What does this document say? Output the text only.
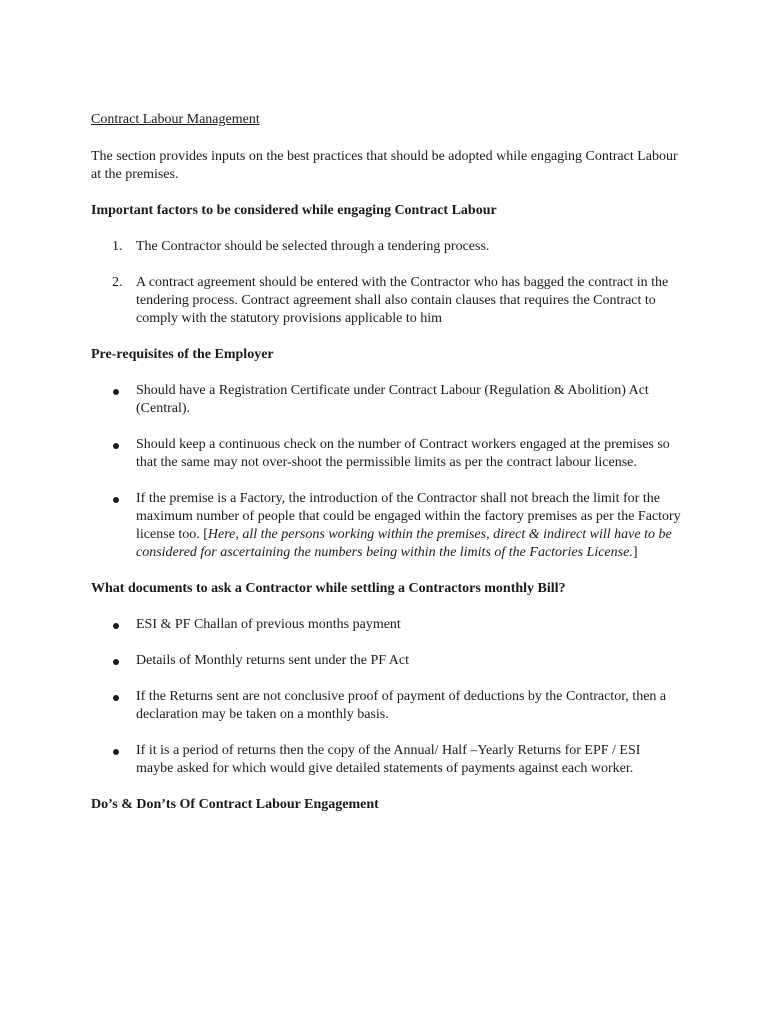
Contract Labour Management

The section provides inputs on the best practices that should be adopted while engaging Contract Labour at the premises.

Important factors to be considered while engaging Contract Labour
1. The Contractor should be selected through a tendering process.
2. A contract agreement should be entered with the Contractor who has bagged the contract in the tendering process. Contract agreement shall also contain clauses that requires the Contract to comply with the statutory provisions applicable to him
Pre-requisites of the Employer
Should have a Registration Certificate under Contract Labour (Regulation & Abolition) Act (Central).
Should keep a continuous check on the number of Contract workers engaged at the premises so that the same may not over-shoot the permissible limits as per the contract labour license.
If the premise is a Factory, the introduction of the Contractor shall not breach the limit for the maximum number of people that could be engaged within the factory premises as per the Factory license too. [Here, all the persons working within the premises, direct & indirect will have to be considered for ascertaining the numbers being within the limits of the Factories License.]
What documents to ask a Contractor while settling a Contractors monthly Bill?
ESI & PF Challan of previous months payment
Details of Monthly returns sent under the PF Act
If the Returns sent are not conclusive proof of payment of deductions by the Contractor, then a declaration may be taken on a monthly basis.
If it is a period of returns then the copy of the Annual/ Half –Yearly Returns for EPF / ESI maybe asked for which would give detailed statements of payments against each worker.
Do’s & Don’ts Of Contract Labour Engagement
